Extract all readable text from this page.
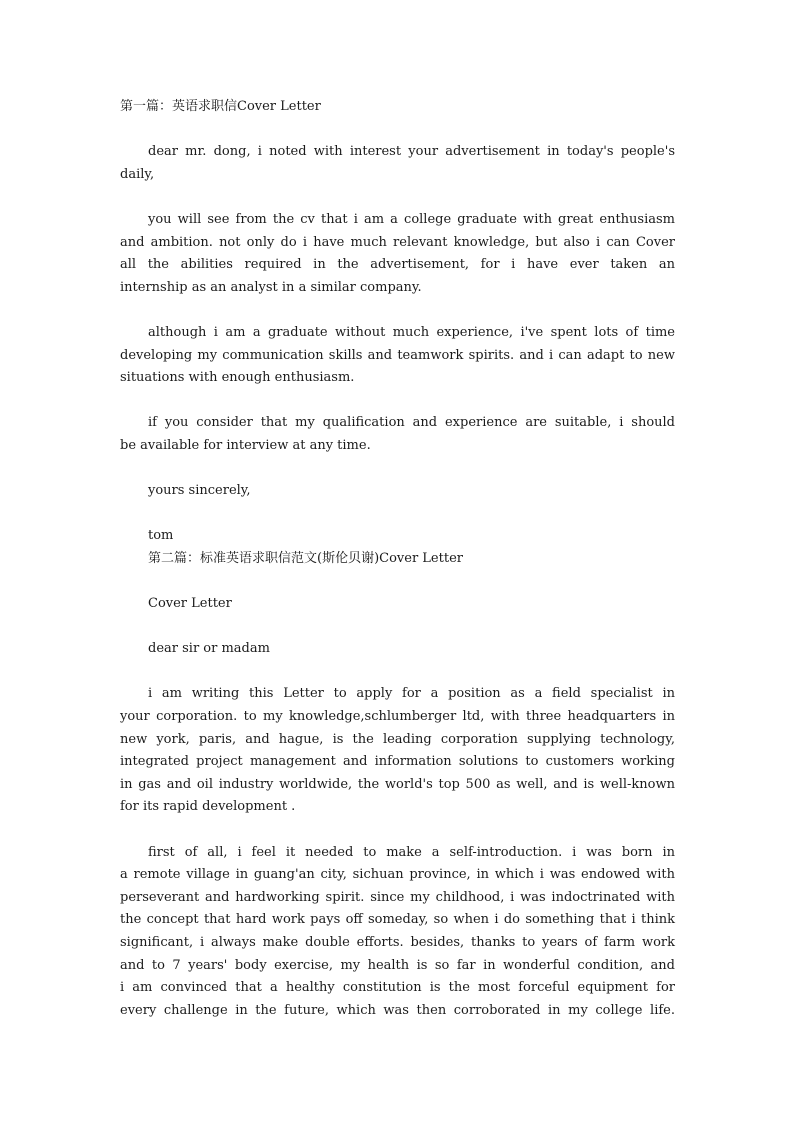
第一篇：英语求职信Cover Letter
dear mr. dong, i noted with interest your advertisement in today's people's
daily,
you will see from the cv that i am a college graduate with great enthusiasm
and ambition. not only do i have much relevant knowledge, but also i can Cover
all the abilities required in the advertisement, for i have ever taken an
internship as an analyst in a similar company.
although i am a graduate without much experience, i've spent lots of time
developing my communication skills and teamwork spirits. and i can adapt to new
situations with enough enthusiasm.
if you consider that my qualification and experience are suitable, i should
be available for interview at any time.
yours sincerely,
tom
第二篇：标准英语求职信范文(斯伦贝谢)Cover Letter
Cover Letter
dear sir or madam
i am writing this Letter to apply for a position as a field specialist in
your corporation. to my knowledge,schlumberger ltd, with three headquarters in
new york, paris, and hague, is the leading corporation supplying technology,
integrated project management and information solutions to customers working
in gas and oil industry worldwide, the world's top 500 as well, and is well-known
for its rapid development .
first of all, i feel it needed to make a self-introduction. i was born in
a remote village in guang'an city, sichuan province, in which i was endowed with
perseverant and hardworking spirit. since my childhood, i was indoctrinated with
the concept that hard work pays off someday, so when i do something that i think
significant, i always make double efforts. besides, thanks to years of farm work
and to 7 years' body exercise, my health is so far in wonderful condition, and
i am convinced that a healthy constitution is the most forceful equipment for
every challenge in the future, which was then corroborated in my college life.
